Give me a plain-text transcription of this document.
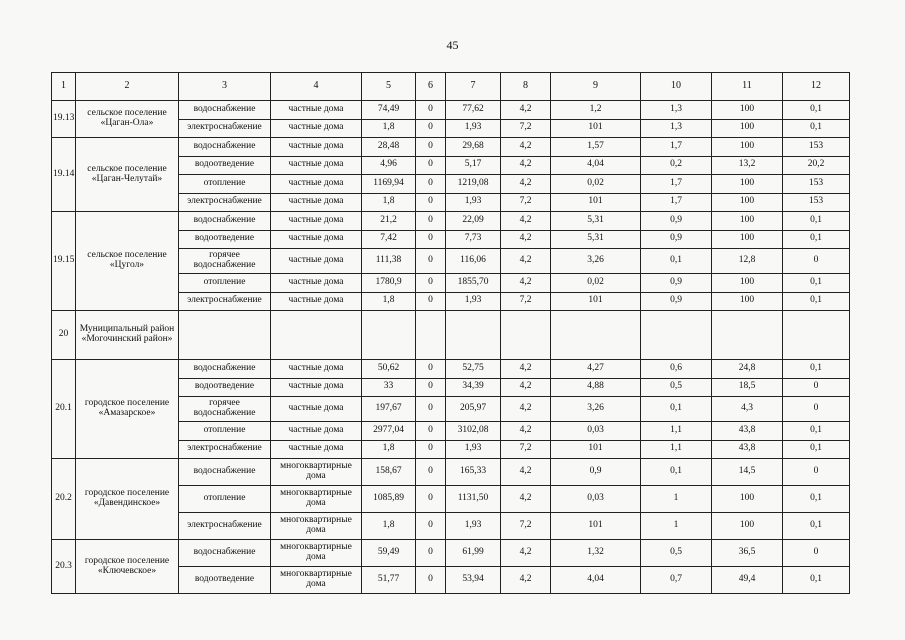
45
1	2	3	4	5	6	7	8	9	10	11	12
19.13	сельское поселение «Цаган-Ола»	водоснабжение	частные дома	74,49	0	77,62	4,2	1,2	1,3	100	0,1
		электроснабжение	частные дома	1,8	0	1,93	7,2	101	1,3	100	0,1
19.14	сельское поселение «Цаган-Челутай»	водоснабжение	частные дома	28,48	0	29,68	4,2	1,57	1,7	100	153
		водоотведение	частные дома	4,96	0	5,17	4,2	4,04	0,2	13,2	20,2
		отопление	частные дома	1169,94	0	1219,08	4,2	0,02	1,7	100	153
		электроснабжение	частные дома	1,8	0	1,93	7,2	101	1,7	100	153
19.15	сельское поселение «Цугол»	водоснабжение	частные дома	21,2	0	22,09	4,2	5,31	0,9	100	0,1
		водоотведение	частные дома	7,42	0	7,73	4,2	5,31	0,9	100	0,1
		горячее водоснабжение	частные дома	111,38	0	116,06	4,2	3,26	0,1	12,8	0
		отопление	частные дома	1780,9	0	1855,70	4,2	0,02	0,9	100	0,1
		электроснабжение	частные дома	1,8	0	1,93	7,2	101	0,9	100	0,1
20	Муниципальный район «Могочинский район»										
20.1	городское поселение «Амазарское»	водоснабжение	частные дома	50,62	0	52,75	4,2	4,27	0,6	24,8	0,1
		водоотведение	частные дома	33	0	34,39	4,2	4,88	0,5	18,5	0
		горячее водоснабжение	частные дома	197,67	0	205,97	4,2	3,26	0,1	4,3	0
		отопление	частные дома	2977,04	0	3102,08	4,2	0,03	1,1	43,8	0,1
		электроснабжение	частные дома	1,8	0	1,93	7,2	101	1,1	43,8	0,1
20.2	городское поселение «Давендинское»	водоснабжение	многоквартирные дома	158,67	0	165,33	4,2	0,9	0,1	14,5	0
		отопление	многоквартирные дома	1085,89	0	1131,50	4,2	0,03	1	100	0,1
		электроснабжение	многоквартирные дома	1,8	0	1,93	7,2	101	1	100	0,1
20.3	городское поселение «Ключевское»	водоснабжение	многоквартирные дома	59,49	0	61,99	4,2	1,32	0,5	36,5	0
		водоотведение	многоквартирные дома	51,77	0	53,94	4,2	4,04	0,7	49,4	0,1
